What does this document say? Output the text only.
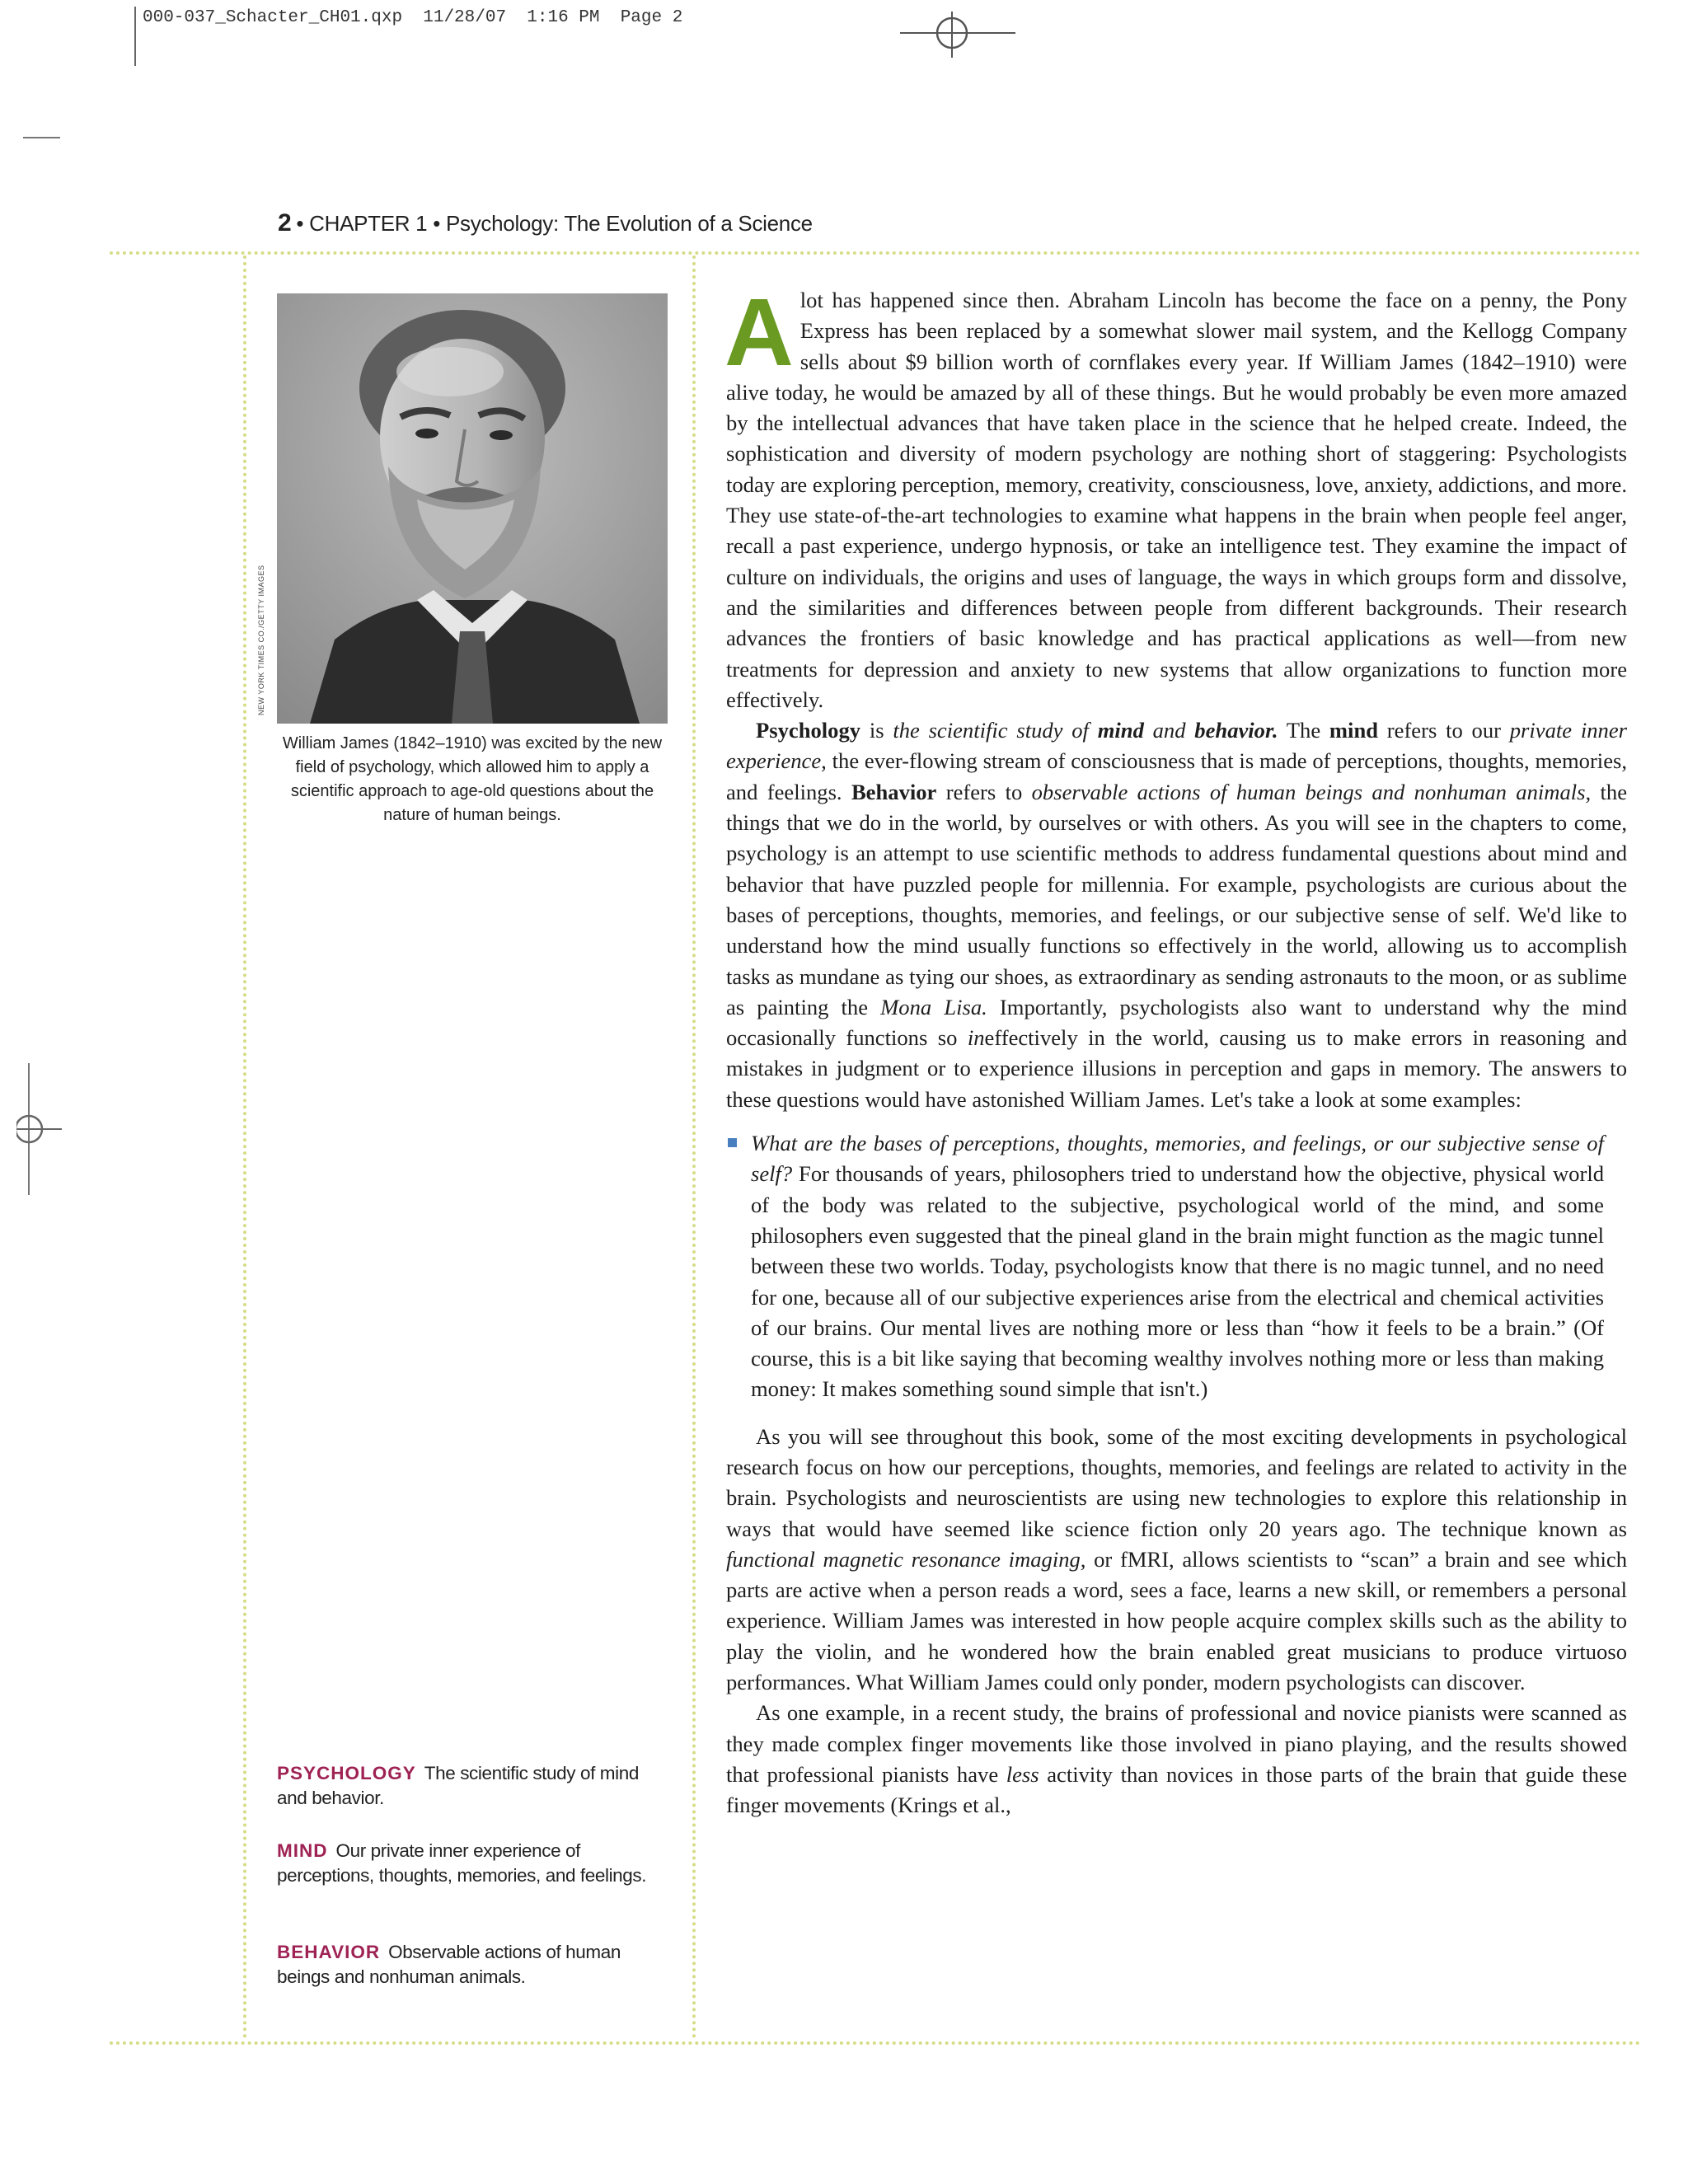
000-037_Schacter_CH01.qxp  11/28/07  1:16 PM  Page 2
2 • CHAPTER 1 • Psychology: The Evolution of a Science
NEW YORK TIMES CO./GETTY IMAGES
William James (1842–1910) was excited by the new field of psychology, which allowed him to apply a scientific approach to age-old questions about the nature of human beings.
PSYCHOLOGY The scientific study of mind and behavior.
MIND Our private inner experience of perceptions, thoughts, memories, and feelings.
BEHAVIOR Observable actions of human beings and nonhuman animals.

Alot has happened since then. Abraham Lincoln has become the face on a penny, the Pony Express has been replaced by a somewhat slower mail system, and the Kellogg Company sells about $9 billion worth of cornflakes every year. If William James (1842–1910) were alive today, he would be amazed by all of these things. But he would probably be even more amazed by the intellectual advances that have taken place in the science that he helped create. Indeed, the sophistication and diversity of modern psychology are nothing short of staggering: Psychologists today are exploring perception, memory, creativity, consciousness, love, anxiety, addictions, and more. They use state-of-the-art technologies to examine what happens in the brain when people feel anger, recall a past experience, undergo hypnosis, or take an intelligence test. They examine the impact of culture on individuals, the origins and uses of language, the ways in which groups form and dissolve, and the similarities and differences between people from different backgrounds. Their research advances the frontiers of basic knowledge and has practical applications as well—from new treatments for depression and anxiety to new systems that allow organizations to function more effectively.

Psychology is the scientific study of mind and behavior. The mind refers to our private inner experience, the ever-flowing stream of consciousness that is made of perceptions, thoughts, memories, and feelings. Behavior refers to observable actions of human beings and nonhuman animals, the things that we do in the world, by ourselves or with others. As you will see in the chapters to come, psychology is an attempt to use scientific methods to address fundamental questions about mind and behavior that have puzzled people for millennia. For example, psychologists are curious about the bases of perceptions, thoughts, memories, and feelings, or our subjective sense of self. We'd like to understand how the mind usually functions so effectively in the world, allowing us to accomplish tasks as mundane as tying our shoes, as extraordinary as sending astronauts to the moon, or as sublime as painting the Mona Lisa. Importantly, psychologists also want to understand why the mind occasionally functions so ineffectively in the world, causing us to make errors in reasoning and mistakes in judgment or to experience illusions in perception and gaps in memory. The answers to these questions would have astonished William James. Let's take a look at some examples:

What are the bases of perceptions, thoughts, memories, and feelings, or our subjective sense of self? For thousands of years, philosophers tried to understand how the objective, physical world of the body was related to the subjective, psychological world of the mind, and some philosophers even suggested that the pineal gland in the brain might function as the magic tunnel between these two worlds. Today, psychologists know that there is no magic tunnel, and no need for one, because all of our subjective experiences arise from the electrical and chemical activities of our brains. Our mental lives are nothing more or less than “how it feels to be a brain.” (Of course, this is a bit like saying that becoming wealthy involves nothing more or less than making money: It makes something sound simple that isn't.)

As you will see throughout this book, some of the most exciting developments in psychological research focus on how our perceptions, thoughts, memories, and feelings are related to activity in the brain. Psychologists and neuroscientists are using new technologies to explore this relationship in ways that would have seemed like science fiction only 20 years ago. The technique known as functional magnetic resonance imaging, or fMRI, allows scientists to “scan” a brain and see which parts are active when a person reads a word, sees a face, learns a new skill, or remembers a personal experience. William James was interested in how people acquire complex skills such as the ability to play the violin, and he wondered how the brain enabled great musicians to produce virtuoso performances. What William James could only ponder, modern psychologists can discover.

As one example, in a recent study, the brains of professional and novice pianists were scanned as they made complex finger movements like those involved in piano playing, and the results showed that professional pianists have less activity than novices in those parts of the brain that guide these finger movements (Krings et al.,
